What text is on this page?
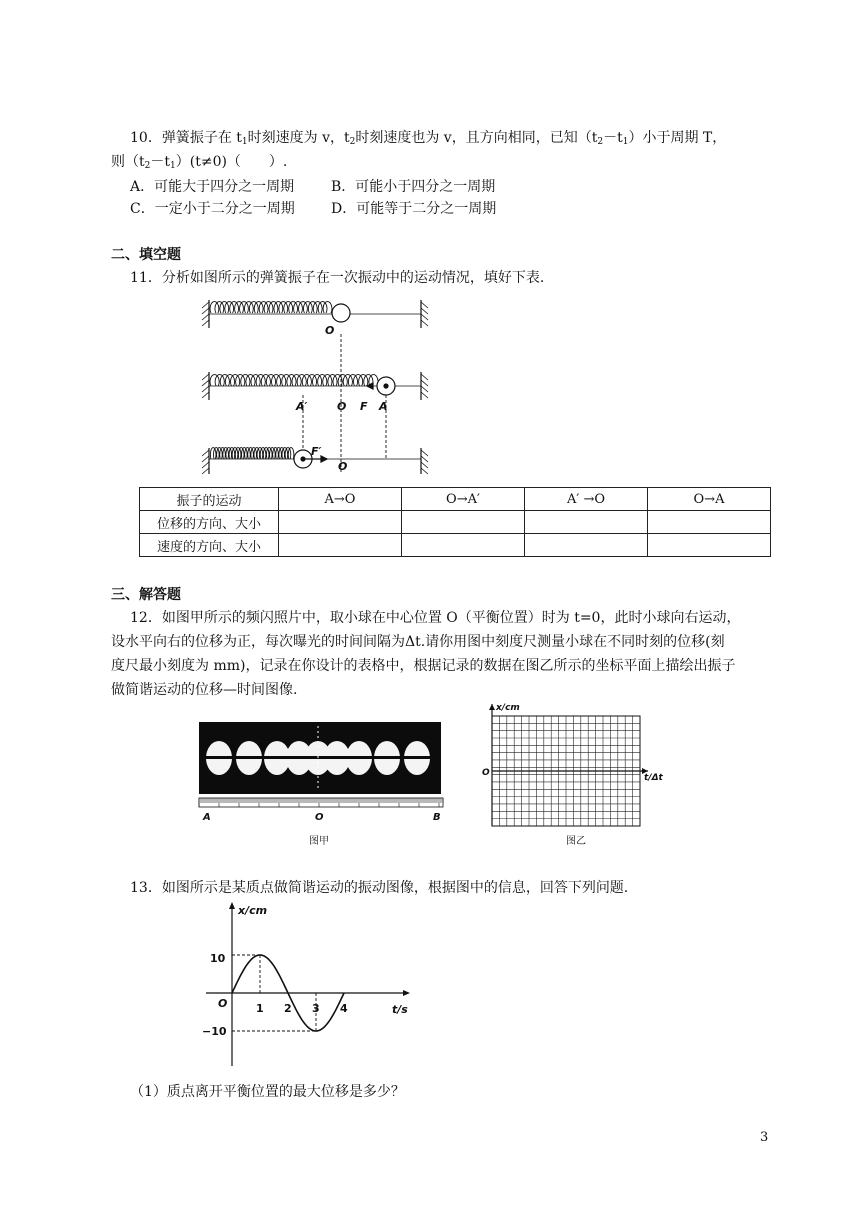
10．弹簧振子在 $t_1$时刻速度为 v，$t_2$时刻速度也为 v，且方向相同，已知$(t_2-t_1)$小于周期 T，
则$(t_2-t_1)(t\ne 0)$（　　）.
A．可能大于四分之一周期	B．可能小于四分之一周期
C．一定小于二分之一周期	D．可能等于二分之一周期
二、填空题
11．分析如图所示的弹簧振子在一次振动中的运动情况，填好下表.
O
A′	O F A
F′
O
振子的运动	A→O	O→A′	A′ →O	O→A
位移的方向、大小				
速度的方向、大小				
三、解答题
12．如图甲所示的频闪照片中，取小球在中心位置 O（平衡位置）时为 t=0，此时小球向右运动，
设水平向右的位移为正，每次曝光的时间间隔为Δt.请你用图中刻度尺测量小球在不同时刻的位移(刻
度尺最小刻度为 mm)，记录在你设计的表格中，根据记录的数据在图乙所示的坐标平面上描绘出振子
做简谐运动的位移—时间图像.
A	O	B
图甲
x/cm
t/Δt
O
图乙
13．如图所示是某质点做简谐运动的振动图像，根据图中的信息，回答下列问题.
x/cm
t/s
O
10
−10
1 2 3 4
（1）质点离开平衡位置的最大位移是多少？
3
